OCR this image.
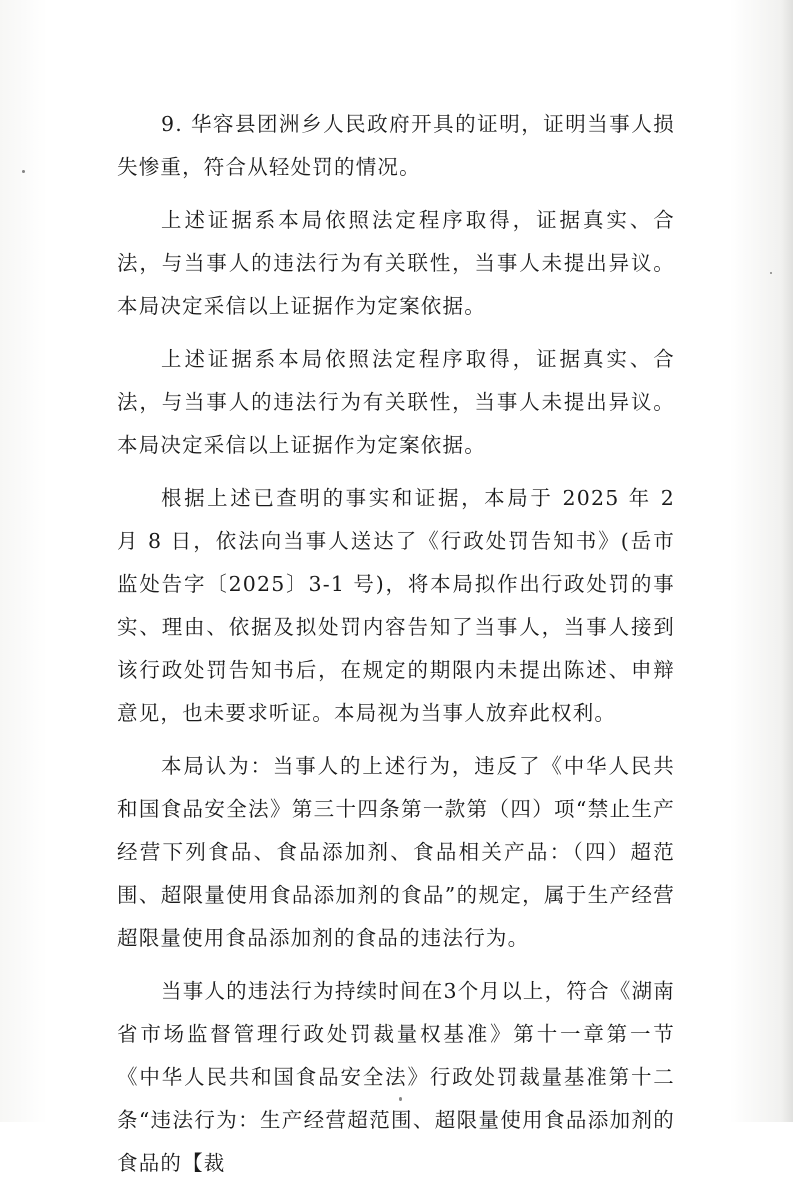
9. 华容县团洲乡人民政府开具的证明，证明当事人损失惨重，符合从轻处罚的情况。

上述证据系本局依照法定程序取得，证据真实、合法，与当事人的违法行为有关联性，当事人未提出异议。本局决定采信以上证据作为定案依据。

上述证据系本局依照法定程序取得，证据真实、合法，与当事人的违法行为有关联性，当事人未提出异议。本局决定采信以上证据作为定案依据。

根据上述已查明的事实和证据，本局于 2025 年 2 月 8 日，依法向当事人送达了《行政处罚告知书》(岳市监处告字〔2025〕3-1 号)，将本局拟作出行政处罚的事实、理由、依据及拟处罚内容告知了当事人，当事人接到该行政处罚告知书后，在规定的期限内未提出陈述、申辩意见，也未要求听证。本局视为当事人放弃此权利。

本局认为：当事人的上述行为，违反了《中华人民共和国食品安全法》第三十四条第一款第（四）项“禁止生产经营下列食品、食品添加剂、食品相关产品：（四）超范围、超限量使用食品添加剂的食品”的规定，属于生产经营超限量使用食品添加剂的食品的违法行为。

当事人的违法行为持续时间在3个月以上，符合《湖南省市场监督管理行政处罚裁量权基准》第十一章第一节《中华人民共和国食品安全法》行政处罚裁量基准第十二条“违法行为：生产经营超范围、超限量使用食品添加剂的食品的【裁
